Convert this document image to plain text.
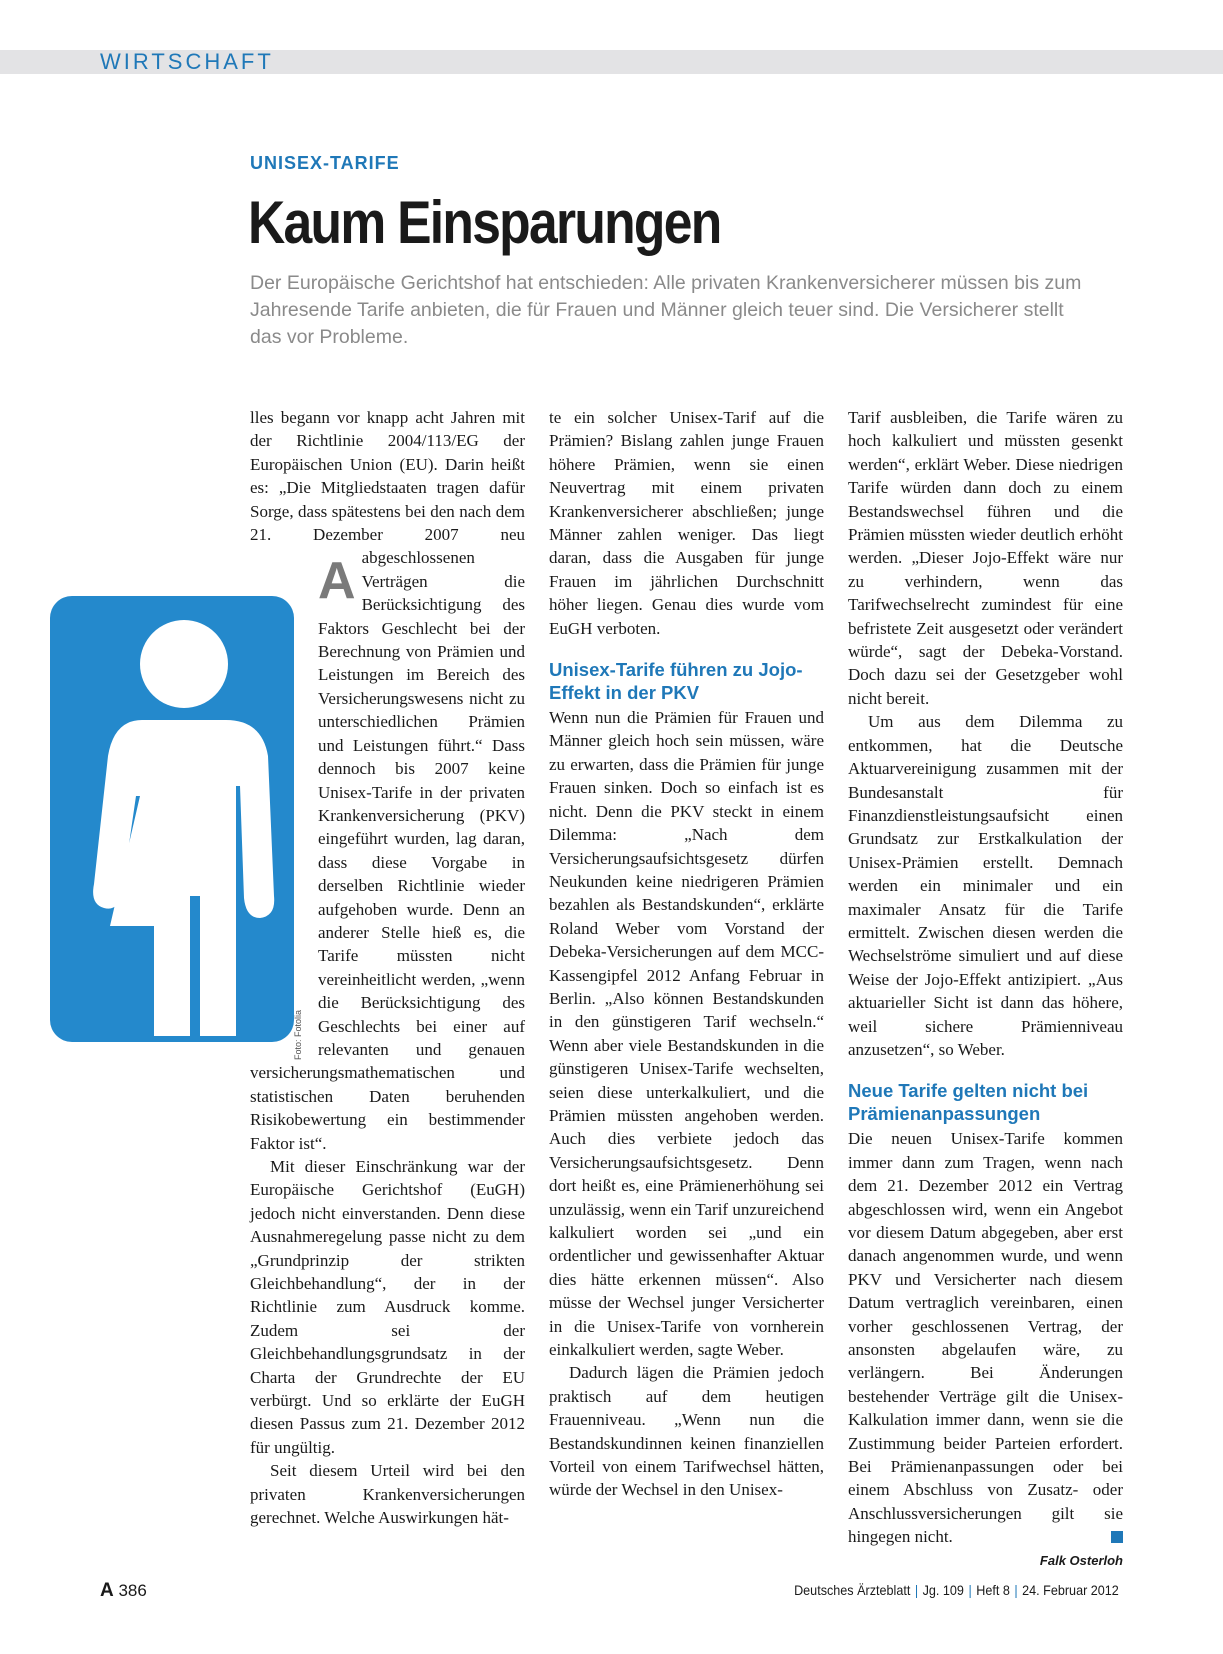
WIRTSCHAFT
UNISEX-TARIFE
Kaum Einsparungen

Der Europäische Gerichtshof hat entschieden: Alle privaten Krankenversicherer müssen bis zum Jahresende Tarife anbieten, die für Frauen und Männer gleich teuer sind. Die Versicherer stellt das vor Probleme.

Foto: Fotolia
A

lles begann vor knapp acht Jahren mit der Richtlinie 2004/113/EG der Europäischen Union (EU). Darin heißt es: „Die Mitgliedstaaten tragen dafür Sorge, dass spätestens bei den nach dem 21. Dezember 2007 neu abgeschlossenen Verträgen die Berücksichtigung des Faktors Geschlecht bei der Berechnung von Prämien und Leistungen im Bereich des Versicherungswesens nicht zu unterschiedlichen Prämien und Leistungen führt.“ Dass dennoch bis 2007 keine Unisex-Tarife in der privaten Krankenversicherung (PKV) eingeführt wurden, lag daran, dass diese Vorgabe in derselben Richtlinie wieder aufgehoben wurde. Denn an anderer Stelle hieß es, die Tarife müssten nicht vereinheitlicht werden, „wenn die Berücksichtigung des Geschlechts bei einer auf relevanten und genauen versicherungsmathematischen und statistischen Daten beruhenden Risikobewertung ein bestimmender Faktor ist“.

Mit dieser Einschränkung war der Europäische Gerichtshof (EuGH) jedoch nicht einverstanden. Denn diese Ausnahmeregelung passe nicht zu dem „Grundprinzip der strikten Gleichbehandlung“, der in der Richtlinie zum Ausdruck komme. Zudem sei der Gleichbehandlungsgrundsatz in der Charta der Grundrechte der EU verbürgt. Und so erklärte der EuGH diesen Passus zum 21. Dezember 2012 für ungültig.

Seit diesem Urteil wird bei den privaten Krankenversicherungen gerechnet. Welche Auswirkungen hät-

te ein solcher Unisex-Tarif auf die Prämien? Bislang zahlen junge Frauen höhere Prämien, wenn sie einen Neuvertrag mit einem privaten Krankenversicherer abschließen; junge Männer zahlen weniger. Das liegt daran, dass die Ausgaben für junge Frauen im jährlichen Durchschnitt höher liegen. Genau dies wurde vom EuGH verboten.

Unisex-Tarife führen zu Jojo-Effekt in der PKV

Wenn nun die Prämien für Frauen und Männer gleich hoch sein müssen, wäre zu erwarten, dass die Prämien für junge Frauen sinken. Doch so einfach ist es nicht. Denn die PKV steckt in einem Dilemma: „Nach dem Versicherungsaufsichtsgesetz dürfen Neukunden keine niedrigeren Prämien bezahlen als Bestandskunden“, erklärte Roland Weber vom Vorstand der Debeka-Versicherungen auf dem MCC-Kassengipfel 2012 Anfang Februar in Berlin. „Also können Bestandskunden in den günstigeren Tarif wechseln.“ Wenn aber viele Bestandskunden in die günstigeren Unisex-Tarife wechselten, seien diese unterkalkuliert, und die Prämien müssten angehoben werden. Auch dies verbiete jedoch das Versicherungsaufsichtsgesetz. Denn dort heißt es, eine Prämienerhöhung sei unzulässig, wenn ein Tarif unzureichend kalkuliert worden sei „und ein ordentlicher und gewissenhafter Aktuar dies hätte erkennen müssen“. Also müsse der Wechsel junger Versicherter in die Unisex-Tarife von vornherein einkalkuliert werden, sagte Weber.

Dadurch lägen die Prämien jedoch praktisch auf dem heutigen Frauenniveau. „Wenn nun die Bestandskundinnen keinen finanziellen Vorteil von einem Tarifwechsel hätten, würde der Wechsel in den Unisex-

Tarif ausbleiben, die Tarife wären zu hoch kalkuliert und müssten gesenkt werden“, erklärt Weber. Diese niedrigen Tarife würden dann doch zu einem Bestandswechsel führen und die Prämien müssten wieder deutlich erhöht werden. „Dieser Jojo-Effekt wäre nur zu verhindern, wenn das Tarifwechselrecht zumindest für eine befristete Zeit ausgesetzt oder verändert würde“, sagt der Debeka-Vorstand. Doch dazu sei der Gesetzgeber wohl nicht bereit.

Um aus dem Dilemma zu entkommen, hat die Deutsche Aktuarvereinigung zusammen mit der Bundesanstalt für Finanzdienstleistungsaufsicht einen Grundsatz zur Erstkalkulation der Unisex-Prämien erstellt. Demnach werden ein minimaler und ein maximaler Ansatz für die Tarife ermittelt. Zwischen diesen werden die Wechselströme simuliert und auf diese Weise der Jojo-Effekt antizipiert. „Aus aktuarieller Sicht ist dann das höhere, weil sichere Prämienniveau anzusetzen“, so Weber.

Neue Tarife gelten nicht bei Prämienanpassungen

Die neuen Unisex-Tarife kommen immer dann zum Tragen, wenn nach dem 21. Dezember 2012 ein Vertrag abgeschlossen wird, wenn ein Angebot vor diesem Datum abgegeben, aber erst danach angenommen wurde, und wenn PKV und Versicherter nach diesem Datum vertraglich vereinbaren, einen vorher geschlossenen Vertrag, der ansonsten abgelaufen wäre, zu verlängern. Bei Änderungen bestehender Verträge gilt die Unisex-Kalkulation immer dann, wenn sie die Zustimmung beider Parteien erfordert. Bei Prämienanpassungen oder bei einem Abschluss von Zusatz- oder Anschlussversicherungen gilt sie hingegen nicht.

Falk Osterloh
A 386	Deutsches Ärzteblatt | Jg. 109 | Heft 8 | 24. Februar 2012
